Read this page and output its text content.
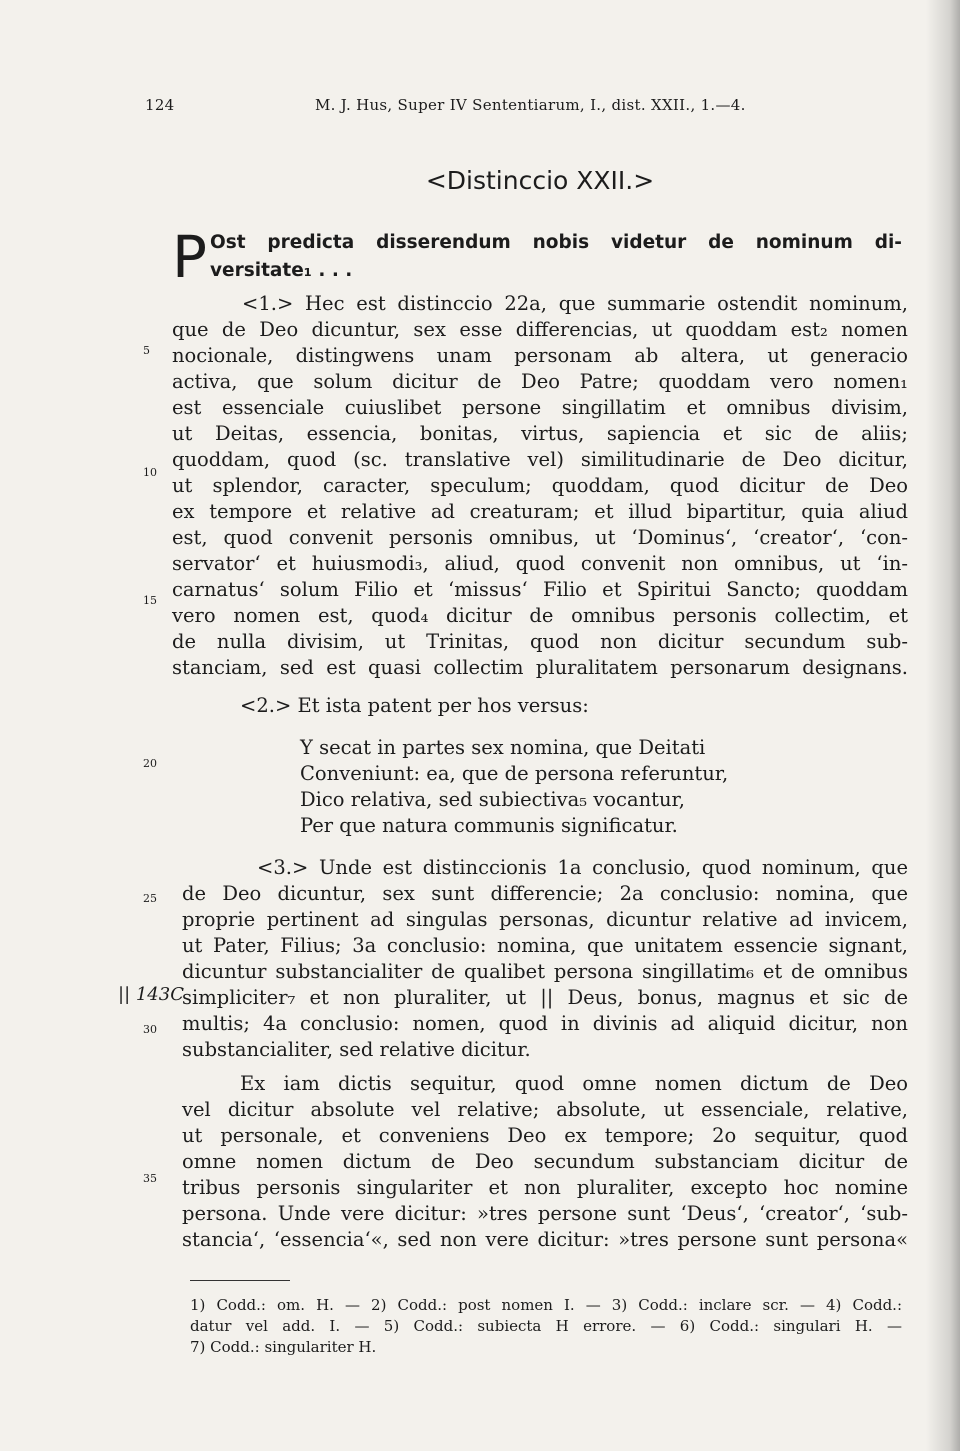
124	M. J. Hus, Super IV Sententiarum, I., dist. XXII., 1.—4.
<Distinccio XXII.>
P Ost predicta disserendum nobis videtur de nominum di-
versitate₁ . . .
<1.> Hec est distinccio 22a, que summarie ostendit nominum,
que de Deo dicuntur, sex esse differencias, ut quoddam est₂ nomen
nocionale, distingwens unam personam ab altera, ut generacio
activa, que solum dicitur de Deo Patre; quoddam vero nomen₁
est essenciale cuiuslibet persone singillatim et omnibus divisim,
ut Deitas, essencia, bonitas, virtus, sapiencia et sic de aliis;
quoddam, quod (sc. translative vel) similitudinarie de Deo dicitur,
ut splendor, caracter, speculum; quoddam, quod dicitur de Deo
ex tempore et relative ad creaturam; et illud bipartitur, quia aliud
est, quod convenit personis omnibus, ut ‘Dominus‘, ‘creator‘, ‘con-
servator‘ et huiusmodi₃, aliud, quod convenit non omnibus, ut ‘in-
carnatus‘ solum Filio et ‘missus‘ Filio et Spiritui Sancto; quoddam
vero nomen est, quod₄ dicitur de omnibus personis collectim, et
de nulla divisim, ut Trinitas, quod non dicitur secundum sub-
stanciam, sed est quasi collectim pluralitatem personarum designans.
<2.> Et ista patent per hos versus:
Y secat in partes sex nomina, que Deitati
Conveniunt: ea, que de persona referuntur,
Dico relativa, sed subiectiva₅ vocantur,
Per que natura communis significatur.
<3.> Unde est distinccionis 1a conclusio, quod nominum, que
de Deo dicuntur, sex sunt differencie; 2a conclusio: nomina, que
proprie pertinent ad singulas personas, dicuntur relative ad invicem,
ut Pater, Filius; 3a conclusio: nomina, que unitatem essencie signant,
dicuntur substancialiter de qualibet persona singillatim₆ et de omnibus
simpliciter₇ et non pluraliter, ut || Deus, bonus, magnus et sic de
multis; 4a conclusio: nomen, quod in divinis ad aliquid dicitur, non
substancialiter, sed relative dicitur.
Ex iam dictis sequitur, quod omne nomen dictum de Deo
vel dicitur absolute vel relative; absolute, ut essenciale, relative,
ut personale, et conveniens Deo ex tempore; 2o sequitur, quod
omne nomen dictum de Deo secundum substanciam dicitur de
tribus personis singulariter et non pluraliter, excepto hoc nomine
persona. Unde vere dicitur: »tres persone sunt ‘Deus‘, ‘creator‘, ‘sub-
stancia‘, ‘essencia‘«, sed non vere dicitur: »tres persone sunt persona«
|| 143C
5
10
15
20
25
30
35
1) Codd.: om. H. — 2) Codd.: post nomen I. — 3) Codd.: inclare scr. — 4) Codd.:
datur vel add. I. — 5) Codd.: subiecta H errore. — 6) Codd.: singulari H. —
7) Codd.: singulariter H.
